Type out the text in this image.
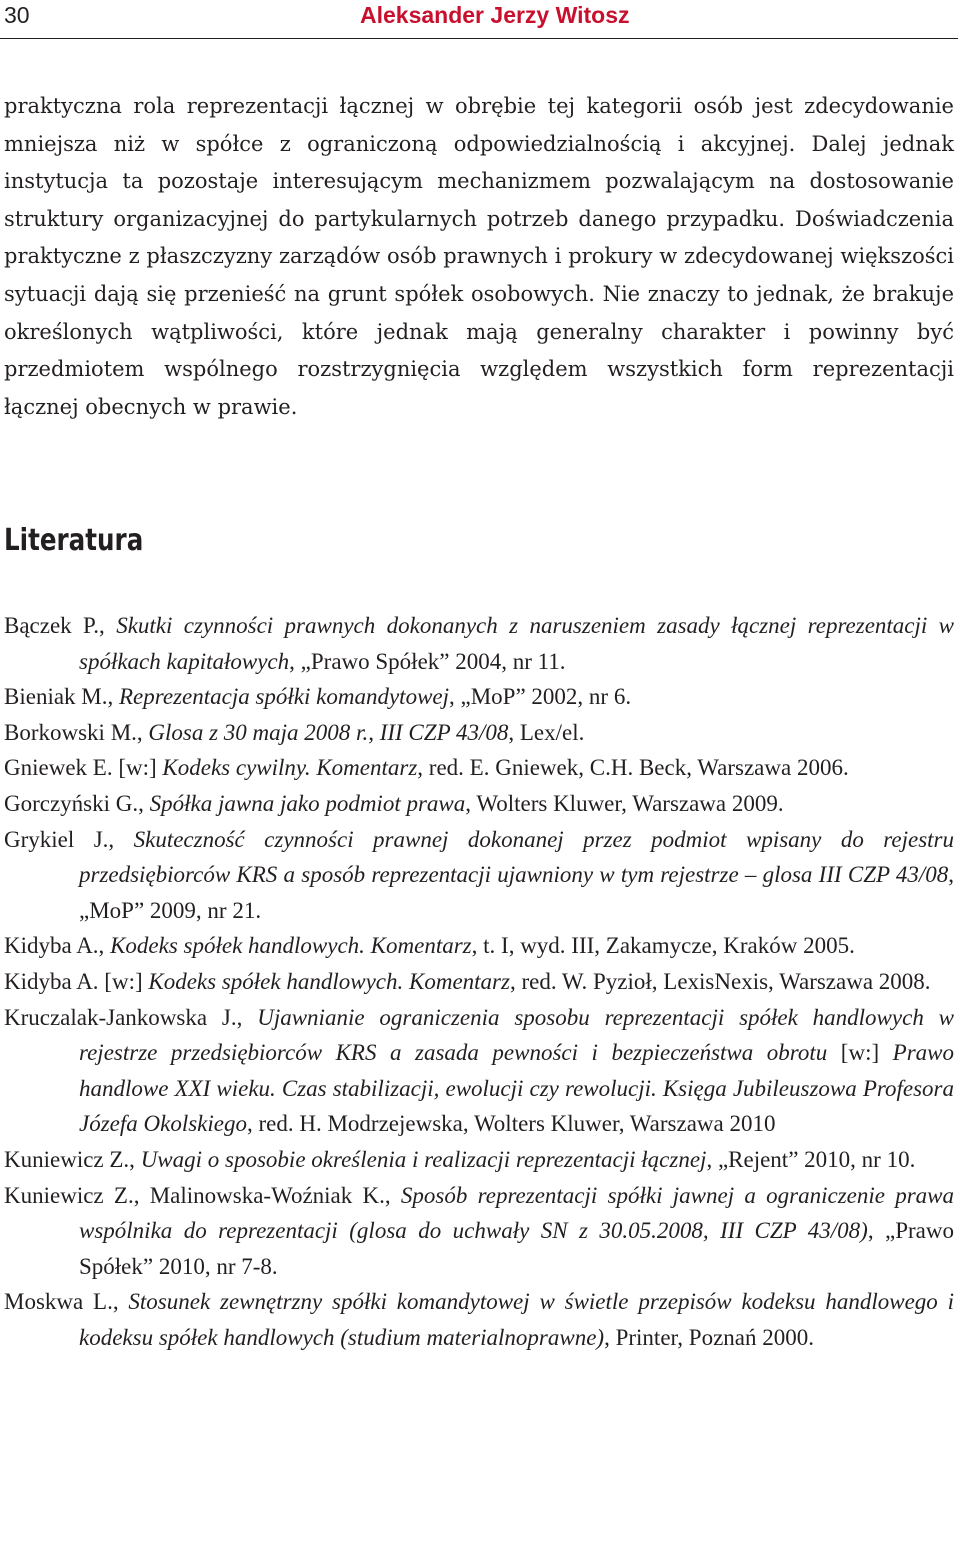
30	Aleksander Jerzy Witosz

praktyczna rola reprezentacji łącznej w obrębie tej kategorii osób jest zdecydowanie mniejsza niż w spółce z ograniczoną odpowiedzialnością i akcyjnej. Dalej jednak instytucja ta pozostaje interesującym mechanizmem pozwalającym na dostosowanie struktury organizacyjnej do partykularnych potrzeb danego przypadku. Doświadczenia praktyczne z płaszczyzny zarządów osób prawnych i prokury w zdecydowanej większości sytuacji dają się przenieść na grunt spółek osobowych. Nie znaczy to jednak, że brakuje określonych wątpliwości, które jednak mają generalny charakter i powinny być przedmiotem wspólnego rozstrzygnięcia względem wszystkich form reprezentacji łącznej obecnych w prawie.

Literatura
Bączek P., Skutki czynności prawnych dokonanych z naruszeniem zasady łącznej reprezentacji w spółkach kapitałowych, „Prawo Spółek” 2004, nr 11.
Bieniak M., Reprezentacja spółki komandytowej, „MoP” 2002, nr 6.
Borkowski M., Glosa z 30 maja 2008 r., III CZP 43/08, Lex/el.
Gniewek E. [w:] Kodeks cywilny. Komentarz, red. E. Gniewek, C.H. Beck, Warszawa 2006.
Gorczyński G., Spółka jawna jako podmiot prawa, Wolters Kluwer, Warszawa 2009.
Grykiel J., Skuteczność czynności prawnej dokonanej przez podmiot wpisany do rejestru przedsiębiorców KRS a sposób reprezentacji ujawniony w tym rejestrze – glosa III CZP 43/08, „MoP” 2009, nr 21.
Kidyba A., Kodeks spółek handlowych. Komentarz, t. I, wyd. III, Zakamycze, Kraków 2005.
Kidyba A. [w:] Kodeks spółek handlowych. Komentarz, red. W. Pyzioł, LexisNexis, Warszawa 2008.
Kruczalak-Jankowska J., Ujawnianie ograniczenia sposobu reprezentacji spółek handlowych w rejestrze przedsiębiorców KRS a zasada pewności i bezpieczeństwa obrotu [w:] Prawo handlowe XXI wieku. Czas stabilizacji, ewolucji czy rewolucji. Księga Jubileuszowa Profesora Józefa Okolskiego, red. H. Modrzejewska, Wolters Kluwer, Warszawa 2010
Kuniewicz Z., Uwagi o sposobie określenia i realizacji reprezentacji łącznej, „Rejent” 2010, nr 10.
Kuniewicz Z., Malinowska-Woźniak K., Sposób reprezentacji spółki jawnej a ograniczenie prawa wspólnika do reprezentacji (glosa do uchwały SN z 30.05.2008, III CZP 43/08), „Prawo Spółek” 2010, nr 7-8.
Moskwa L., Stosunek zewnętrzny spółki komandytowej w świetle przepisów kodeksu handlowego i kodeksu spółek handlowych (studium materialnoprawne), Printer, Poznań 2000.
